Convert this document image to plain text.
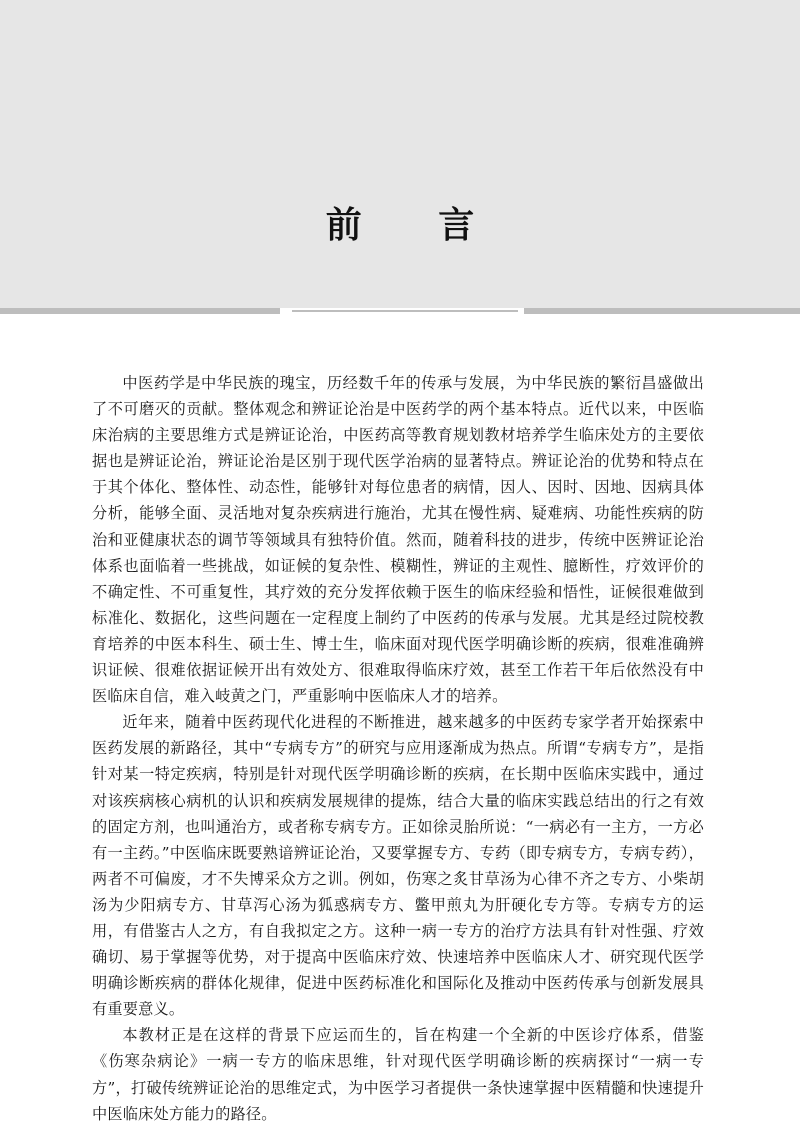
前 言

中医药学是中华民族的瑰宝，历经数千年的传承与发展，为中华民族的繁衍昌盛做出了不可磨灭的贡献。整体观念和辨证论治是中医药学的两个基本特点。近代以来，中医临床治病的主要思维方式是辨证论治，中医药高等教育规划教材培养学生临床处方的主要依据也是辨证论治，辨证论治是区别于现代医学治病的显著特点。辨证论治的优势和特点在于其个体化、整体性、动态性，能够针对每位患者的病情，因人、因时、因地、因病具体分析，能够全面、灵活地对复杂疾病进行施治，尤其在慢性病、疑难病、功能性疾病的防治和亚健康状态的调节等领域具有独特价值。然而，随着科技的进步，传统中医辨证论治体系也面临着一些挑战，如证候的复杂性、模糊性，辨证的主观性、臆断性，疗效评价的不确定性、不可重复性，其疗效的充分发挥依赖于医生的临床经验和悟性，证候很难做到标准化、数据化，这些问题在一定程度上制约了中医药的传承与发展。尤其是经过院校教育培养的中医本科生、硕士生、博士生，临床面对现代医学明确诊断的疾病，很难准确辨识证候、很难依据证候开出有效处方、很难取得临床疗效，甚至工作若干年后依然没有中医临床自信，难入岐黄之门，严重影响中医临床人才的培养。

近年来，随着中医药现代化进程的不断推进，越来越多的中医药专家学者开始探索中医药发展的新路径，其中“专病专方”的研究与应用逐渐成为热点。所谓“专病专方”，是指针对某一特定疾病，特别是针对现代医学明确诊断的疾病，在长期中医临床实践中，通过对该疾病核心病机的认识和疾病发展规律的提炼，结合大量的临床实践总结出的行之有效的固定方剂，也叫通治方，或者称专病专方。正如徐灵胎所说：“一病必有一主方，一方必有一主药。”中医临床既要熟谙辨证论治，又要掌握专方、专药（即专病专方，专病专药），两者不可偏废，才不失博采众方之训。例如，伤寒之炙甘草汤为心律不齐之专方、小柴胡汤为少阳病专方、甘草泻心汤为狐惑病专方、鳖甲煎丸为肝硬化专方等。专病专方的运用，有借鉴古人之方，有自我拟定之方。这种一病一专方的治疗方法具有针对性强、疗效确切、易于掌握等优势，对于提高中医临床疗效、快速培养中医临床人才、研究现代医学明确诊断疾病的群体化规律，促进中医药标准化和国际化及推动中医药传承与创新发展具有重要意义。

本教材正是在这样的背景下应运而生的，旨在构建一个全新的中医诊疗体系，借鉴《伤寒杂病论》一病一专方的临床思维，针对现代医学明确诊断的疾病探讨“一病一专方”，打破传统辨证论治的思维定式，为中医学习者提供一条快速掌握中医精髓和快速提升中医临床处方能力的路径。
